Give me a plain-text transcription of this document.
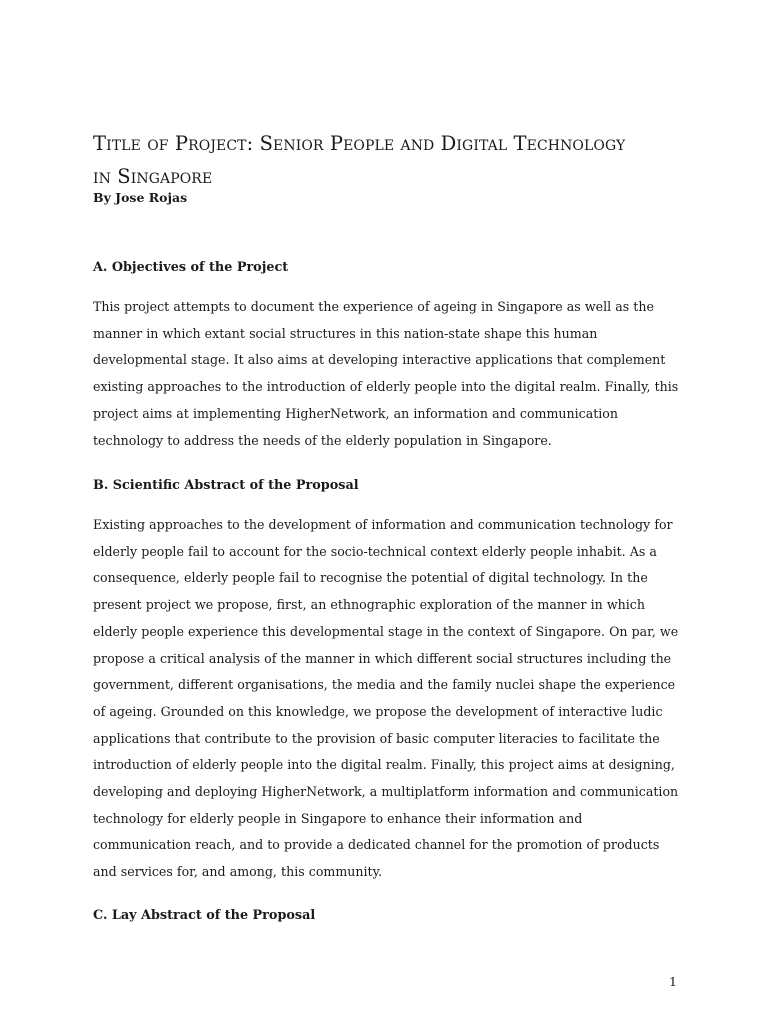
Title of Project: Senior People and Digital Technology
in Singapore

By Jose Rojas

A. Objectives of the Project

This project attempts to document the experience of ageing in Singapore as well as the manner in which extant social structures in this nation-state shape this human developmental stage. It also aims at developing interactive applications that complement existing approaches to the introduction of elderly people into the digital realm. Finally, this project aims at implementing HigherNetwork, an information and communication technology to address the needs of the elderly population in Singapore.

B. Scientific Abstract of the Proposal

Existing approaches to the development of information and communication technology for elderly people fail to account for the socio-technical context elderly people inhabit. As a consequence, elderly people fail to recognise the potential of digital technology. In the present project we propose, first, an ethnographic exploration of the manner in which elderly people experience this developmental stage in the context of Singapore. On par, we propose a critical analysis of the manner in which different social structures including the government, different organisations, the media and the family nuclei shape the experience of ageing. Grounded on this knowledge, we propose the development of interactive ludic applications that contribute to the provision of basic computer literacies to facilitate the introduction of elderly people into the digital realm. Finally, this project aims at designing, developing and deploying HigherNetwork, a multiplatform information and communication technology for elderly people in Singapore to enhance their information and communication reach, and to provide a dedicated channel for the promotion of products and services for, and among, this community.

C. Lay Abstract of the Proposal

1
